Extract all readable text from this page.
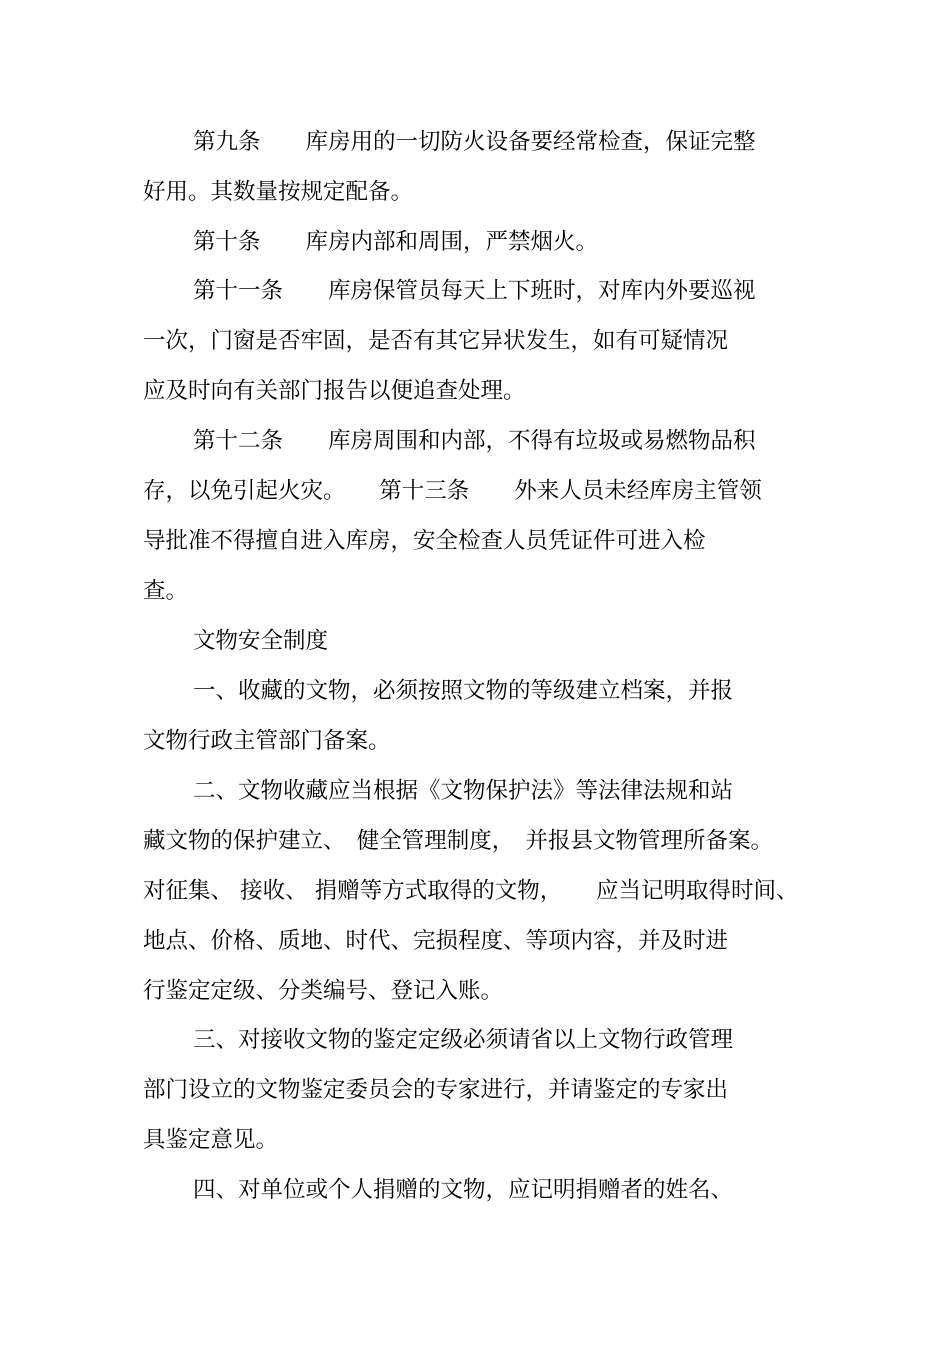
第九条　　库房用的一切防火设备要经常检查，保证完整
好用。其数量按规定配备。
第十条　　库房内部和周围，严禁烟火。
第十一条　　库房保管员每天上下班时，对库内外要巡视
一次，门窗是否牢固，是否有其它异状发生，如有可疑情况
应及时向有关部门报告以便追查处理。
第十二条　　库房周围和内部，不得有垃圾或易燃物品积
存，以免引起火灾。　　第十三条　　外来人员未经库房主管领
导批准不得擅自进入库房，安全检查人员凭证件可进入检
查。
文物安全制度
一、收藏的文物，必须按照文物的等级建立档案，并报
文物行政主管部门备案。
二、文物收藏应当根据《文物保护法》等法律法规和站
藏文物的保护建立、　健全管理制度，　并报县文物管理所备案。
对征集、 接收、 捐赠等方式取得的文物，　　应当记明取得时间、
地点、价格、质地、时代、完损程度、等项内容，并及时进
行鉴定定级、分类编号、登记入账。
三、对接收文物的鉴定定级必须请省以上文物行政管理
部门设立的文物鉴定委员会的专家进行，并请鉴定的专家出
具鉴定意见。
四、对单位或个人捐赠的文物，应记明捐赠者的姓名、
